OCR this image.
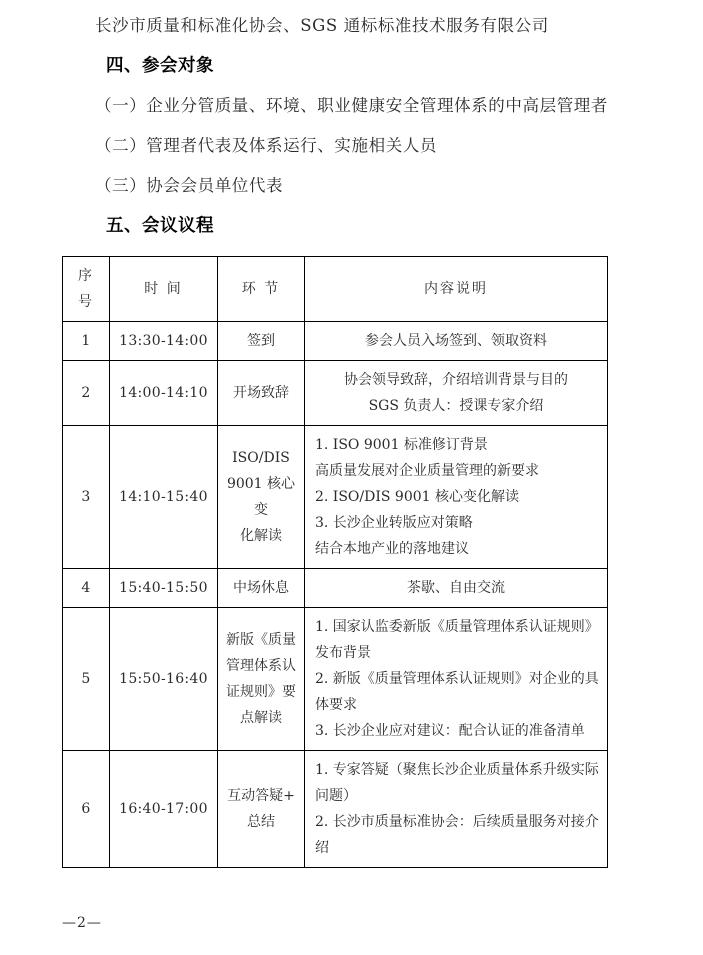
长沙市质量和标准化协会、SGS 通标标准技术服务有限公司

四、参会对象

（一）企业分管质量、环境、职业健康安全管理体系的中高层管理者

（二）管理者代表及体系运行、实施相关人员

（三）协会会员单位代表

五、会议议程
序 号	时 间	环 节	内容说明
1	13:30-14:00	签到	参会人员入场签到、领取资料

2	14:00-14:10	开场致辞	协会领导致辞，介绍培训背景与目的
SGS 负责人：授课专家介绍

3	14:10-15:40	ISO/DIS
9001 核心变
化解读	1. ISO 9001 标准修订背景
高质量发展对企业质量管理的新要求
2. ISO/DIS 9001 核心变化解读
3. 长沙企业转版应对策略
结合本地产业的落地建议

4	15:40-15:50	中场休息	茶歇、自由交流

5	15:50-16:40	新版《质量
管理体系认
证规则》要
点解读	1. 国家认监委新版《质量管理体系认证规则》发布背景
2. 新版《质量管理体系认证规则》对企业的具体要求
3. 长沙企业应对建议：配合认证的准备清单

6	16:40-17:00	互动答疑+
总结	1. 专家答疑（聚焦长沙企业质量体系升级实际问题）
2. 长沙市质量标准协会：后续质量服务对接介绍
—2—
